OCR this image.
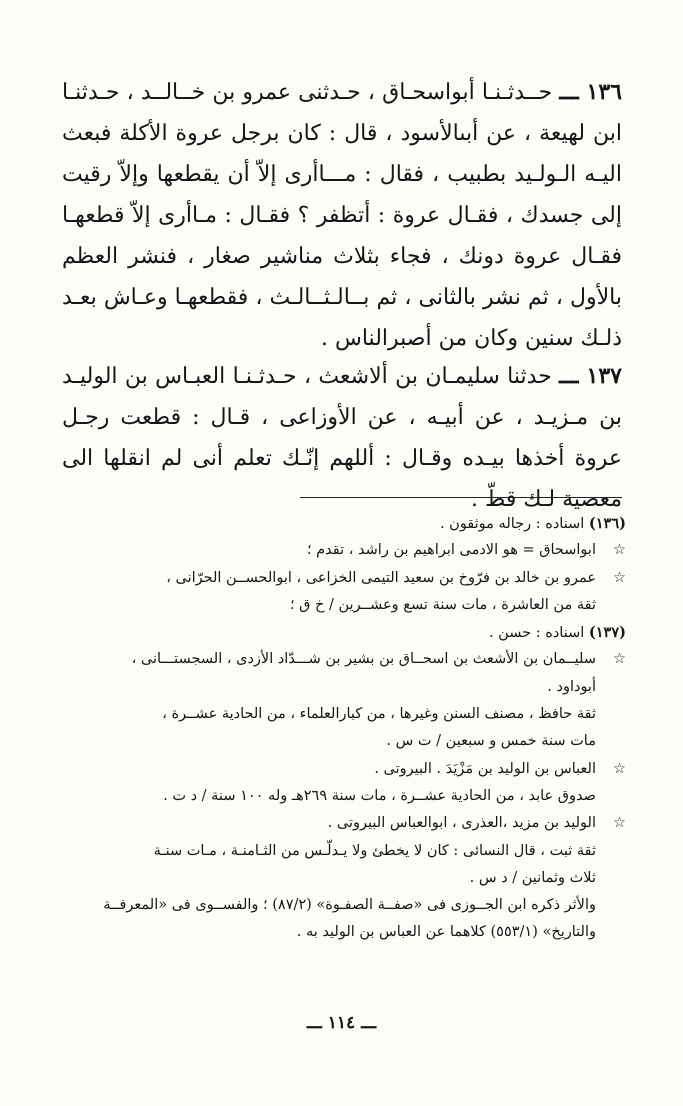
١٣٦ ـــ حــدثـنـا أبواسحـاق ، حـدثنى عمرو بن خــالــد ، حـدثنـا ابن لهيعة ، عن أبىالأسود ، قال : كان برجل عروة الأكلة فبعث اليـه الـولـيد بطبيب ، فقال : مـــاأرى إلاّ أن يقطعها وإلاّ رقيت إلى جسدك ، فقـال عروة : أتظفر ؟ فقـال : مـاأرى إلاّ قطعهـا فقـال عروة دونك ، فجاء بثلاث مناشير صغار ، فنشر العظم بالأول ، ثم نشر بالثانى ، ثم بــالـثــالـث ، فقطعهـا وعـاش بعـد ذلـك سنين وكان من أصبرالناس .

١٣٧ ـــ حدثنا سليمـان بن ألاشعث ، حـدثـنـا العبـاس بن الوليـد بن مـزيـد ، عن أبيـه ، عن الأوزاعى ، قـال : قطعت رجـل عروة أخذها بيـده وقـال : أللهم إنّـك تعلم أنى لم انقلها الى معصية لـك قطّ .

(١٣٦) اسناده : رجاله موثقون .
☆ابواسحاق = هو الادمى ابراهيم بن راشد ، تقدم ؛
☆عمرو بن خالد بن فرّوخ بن سعيد التيمى الخزاعى ، ابوالحســن الحرّانى ،
ثقة من العاشرة ، مات سنة تسع وعشــرين / خ ق ؛
(١٣٧) اسناده : حسن .
☆سليــمان بن الأشعث بن اسحــاق بن بشير بن شـــدّاد الأزدى ، السجستـــانى ،
أبوداود .
ثقة حافظ ، مصنف السنن وغيرها ، من كبارالعلماء ، من الحادية عشــرة ،
مات سنة خمس و سبعين / ت س .
☆العباس بن الوليد بن مَزْيَدَ . البيروتى .
صدوق عابد ، من الحادية عشــرة ، مات سنة ٢٦٩هـ وله ١٠٠ سنة / د ت .
☆الوليد بن مزيد ،العذرى ، ابوالعباس البيروتى .
ثقة ثبت ، قال النسائى : كان لا يخطئ ولا يـدلّـس من الثـامنـة ، مـات سنـة
ثلاث وثمانين / د س .
والأثر ذكره ابن الجــوزى فى «صفــة الصفـوة» (٨٧/٢) ؛ والفســوى فى «المعرفــة
والتاريخ» (٥٥٣/١) كلاهما عن العباس بن الوليد به .
ـــ ١١٤ ـــ
